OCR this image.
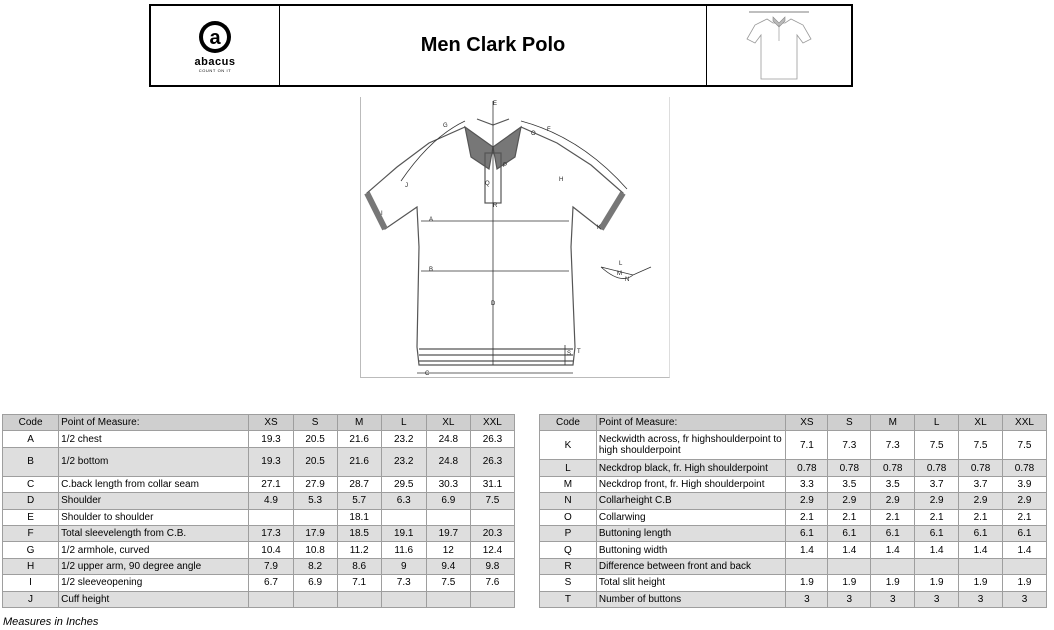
a
abacus
COUNT ON IT
Men Clark Polo
A
B
C
D
E
F
G
H
I
J
K
L
M
N
O
P
Q
R
S T
Code	Point of Measure:	XS	S	M	L	XL	XXL
A	1/2 chest	19.3	20.5	21.6	23.2	24.8	26.3
B	1/2 bottom	19.3	20.5	21.6	23.2	24.8	26.3
C	C.back length from collar seam	27.1	27.9	28.7	29.5	30.3	31.1
D	Shoulder	4.9	5.3	5.7	6.3	6.9	7.5
E	Shoulder to shoulder			18.1			
F	Total sleevelength from C.B.	17.3	17.9	18.5	19.1	19.7	20.3
G	1/2 armhole, curved	10.4	10.8	11.2	11.6	12	12.4
H	1/2 upper arm, 90 degree angle	7.9	8.2	8.6	9	9.4	9.8
I	1/2 sleeveopening	6.7	6.9	7.1	7.3	7.5	7.6
J	Cuff height						
Code	Point of Measure:	XS	S	M	L	XL	XXL
K	Neckwidth across, fr highshoulderpoint to high shoulderpoint	7.1	7.3	7.3	7.5	7.5	7.5
L	Neckdrop black, fr. High shoulderpoint	0.78	0.78	0.78	0.78	0.78	0.78
M	Neckdrop front, fr. High shoulderpoint	3.3	3.5	3.5	3.7	3.7	3.9
N	Collarheight C.B	2.9	2.9	2.9	2.9	2.9	2.9
O	Collarwing	2.1	2.1	2.1	2.1	2.1	2.1
P	Buttoning length	6.1	6.1	6.1	6.1	6.1	6.1
Q	Buttoning width	1.4	1.4	1.4	1.4	1.4	1.4
R	Difference between front and back						
S	Total slit height	1.9	1.9	1.9	1.9	1.9	1.9
T	Number of buttons	3	3	3	3	3	3
Measures in Inches
